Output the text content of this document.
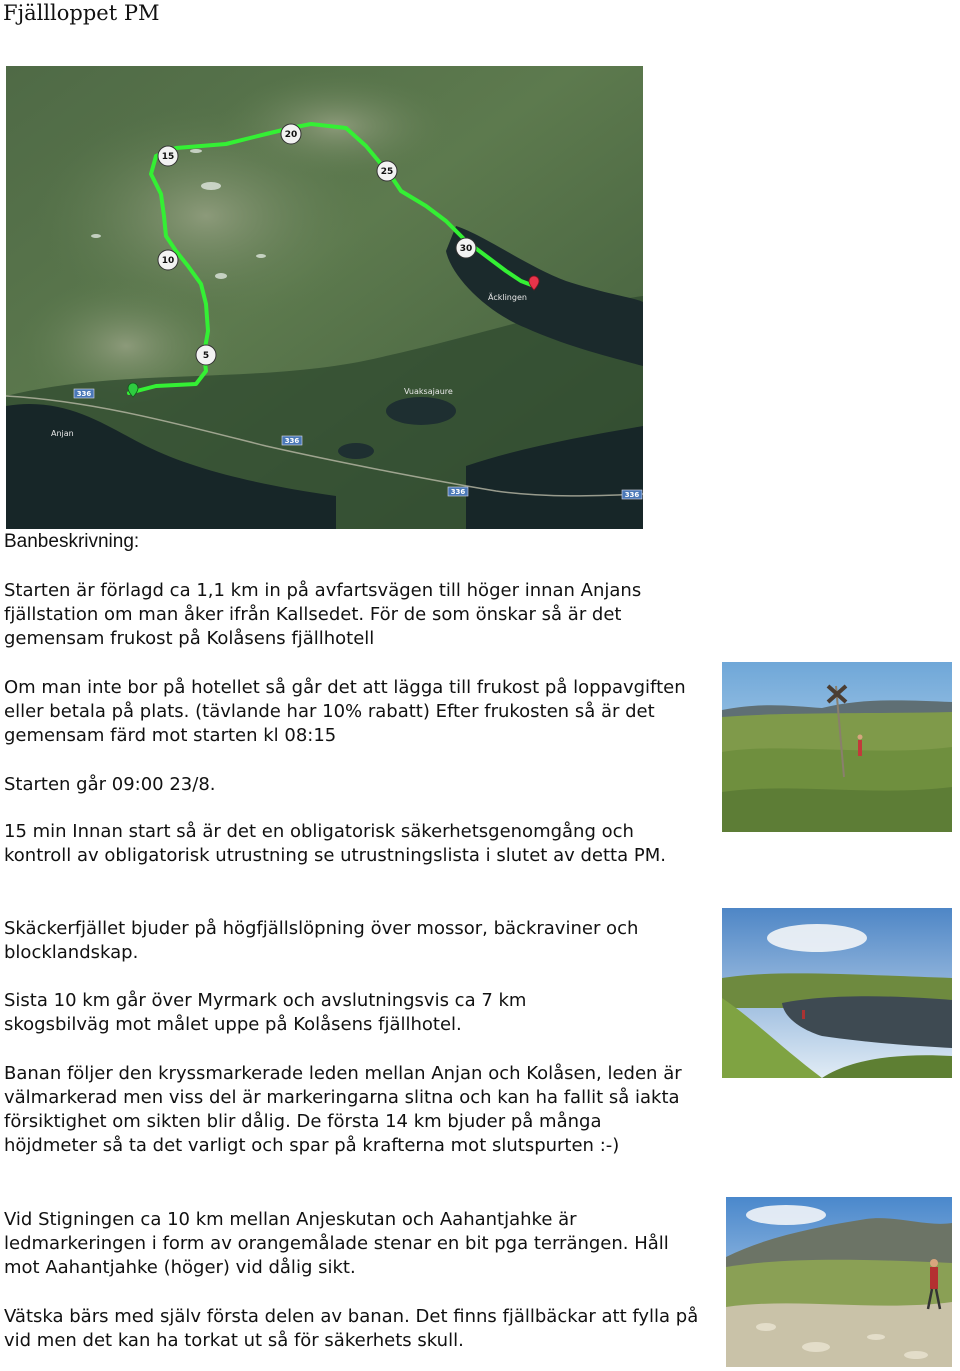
Fjällloppet PM
15
20
25
30
10
5
Äcklingen
Vuaksajaure
Anjan
336
336
336	336
Banbeskrivning:
Starten är förlagd ca 1,1 km in på avfartsvägen till höger innan Anjans fjällstation om man åker ifrån Kallsedet. För de som önskar så är det gemensam frukost på Kolåsens fjällhotell
Om man inte bor på hotellet så går det att lägga till frukost på loppavgiften eller betala på plats. (tävlande har 10% rabatt) Efter frukosten så är det gemensam färd mot starten kl 08:15
Starten går 09:00 23/8.
15 min Innan start så är det en obligatorisk säkerhetsgenomgång och kontroll av obligatorisk utrustning se utrustningslista i slutet av detta PM.
Skäckerfjället bjuder på högfjällslöpning över mossor, bäckraviner och blocklandskap.
Sista 10 km går över Myrmark och avslutningsvis ca 7 km skogsbilväg mot målet uppe på Kolåsens fjällhotel.
Banan följer den kryssmarkerade leden mellan Anjan och Kolåsen, leden är välmarkerad men viss del är markeringarna slitna och kan ha fallit så iakta försiktighet om sikten blir dålig. De första 14 km bjuder på många höjdmeter så ta det varligt och spar på krafterna mot slutspurten :-)
Vid Stigningen ca 10 km mellan Anjeskutan och Aahantjahke är ledmarkeringen i form av orangemålade stenar en bit pga terrängen. Håll mot Aahantjahke (höger) vid dålig sikt.
Vätska bärs med själv första delen av banan. Det finns fjällbäckar att fylla på vid men det kan ha torkat ut så för säkerhets skull.
